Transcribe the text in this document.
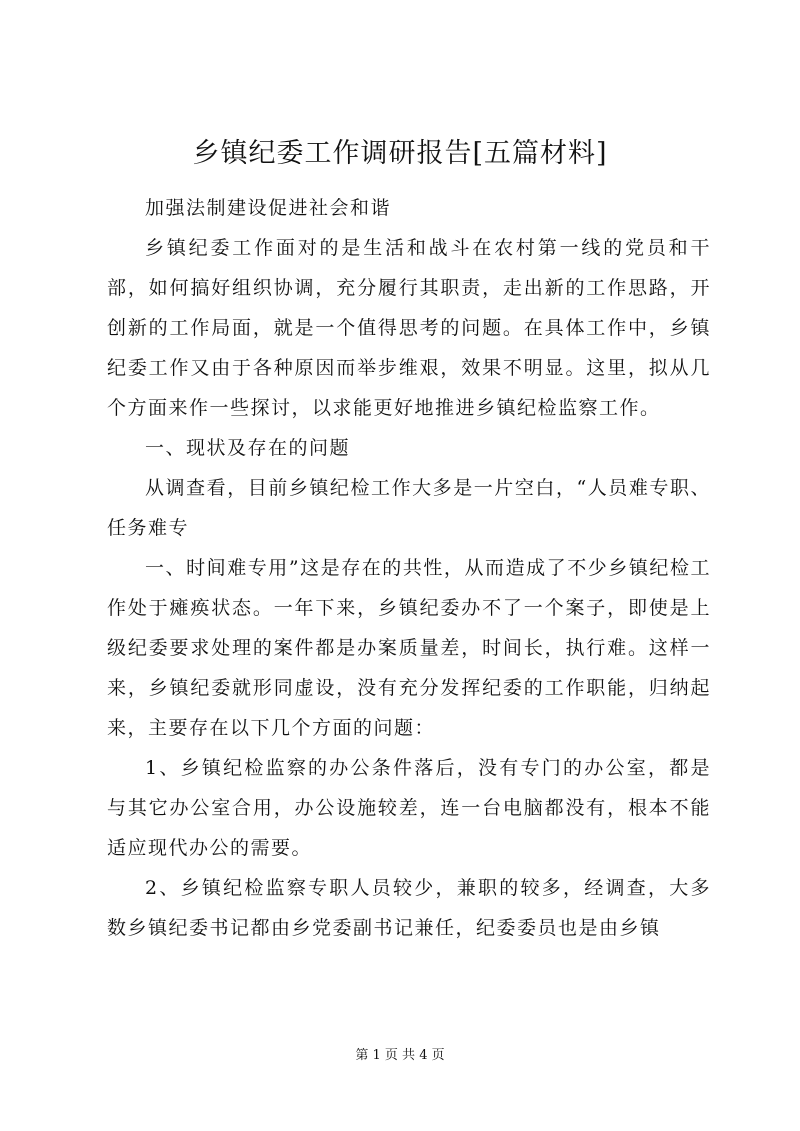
乡镇纪委工作调研报告[五篇材料]

加强法制建设促进社会和谐

乡镇纪委工作面对的是生活和战斗在农村第一线的党员和干部，如何搞好组织协调，充分履行其职责，走出新的工作思路，开创新的工作局面，就是一个值得思考的问题。在具体工作中，乡镇纪委工作又由于各种原因而举步维艰，效果不明显。这里，拟从几个方面来作一些探讨，以求能更好地推进乡镇纪检监察工作。

一、现状及存在的问题

从调查看，目前乡镇纪检工作大多是一片空白，“人员难专职、任务难专

一、时间难专用”这是存在的共性，从而造成了不少乡镇纪检工作处于瘫痪状态。一年下来，乡镇纪委办不了一个案子，即使是上级纪委要求处理的案件都是办案质量差，时间长，执行难。这样一来，乡镇纪委就形同虚设，没有充分发挥纪委的工作职能，归纳起来，主要存在以下几个方面的问题：

1、乡镇纪检监察的办公条件落后，没有专门的办公室，都是与其它办公室合用，办公设施较差，连一台电脑都没有，根本不能适应现代办公的需要。

2、乡镇纪检监察专职人员较少，兼职的较多，经调查，大多数乡镇纪委书记都由乡党委副书记兼任，纪委委员也是由乡镇

第 1 页 共 4 页
